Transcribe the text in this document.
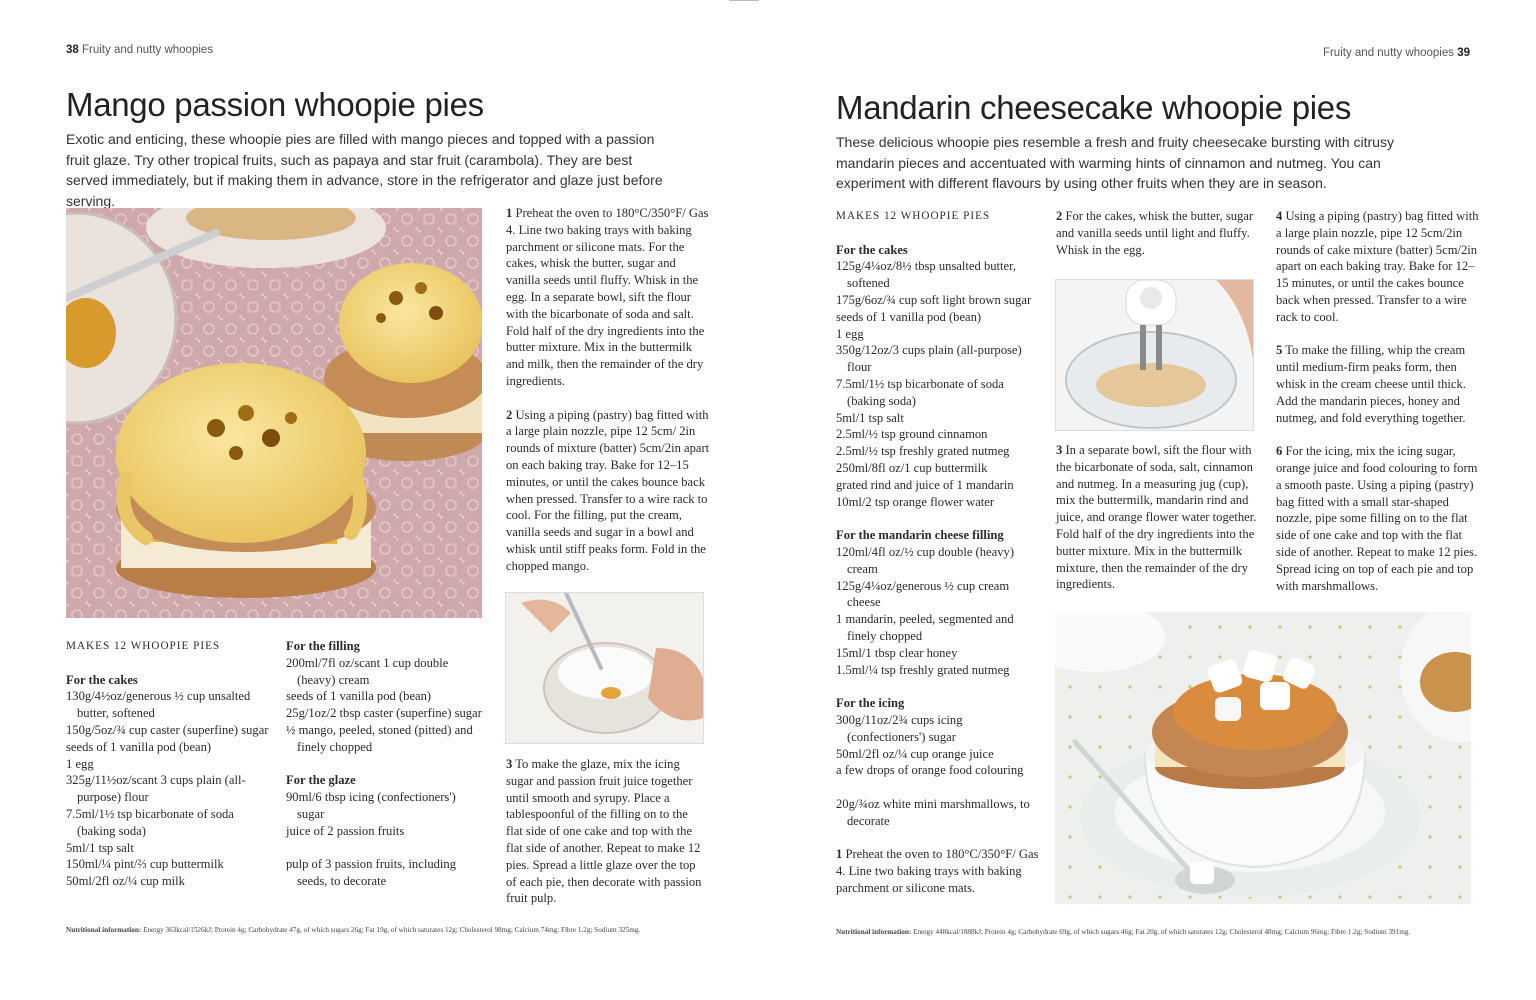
38 Fruity and nutty whoopies
Mango passion whoopie pies

Exotic and enticing, these whoopie pies are filled with mango pieces and topped with a passion fruit glaze. Try other tropical fruits, such as papaya and star fruit (carambola). They are best served immediately, but if making them in advance, store in the refrigerator and glaze just before serving.

1 Preheat the oven to 180°C/350°F/ Gas 4. Line two baking trays with baking parchment or silicone mats. For the cakes, whisk the butter, sugar and vanilla seeds until fluffy. Whisk in the egg. In a separate bowl, sift the flour with the bicarbonate of soda and salt. Fold half of the dry ingredients into the butter mixture. Mix in the buttermilk and milk, then the remainder of the dry ingredients.

2 Using a piping (pastry) bag fitted with a large plain nozzle, pipe 12 5cm/ 2in rounds of mixture (batter) 5cm/2in apart on each baking tray. Bake for 12–15 minutes, or until the cakes bounce back when pressed. Transfer to a wire rack to cool. For the filling, put the cream, vanilla seeds and sugar in a bowl and whisk until stiff peaks form. Fold in the chopped mango.

3 To make the glaze, mix the icing sugar and passion fruit juice together until smooth and syrupy. Place a tablespoonful of the filling on to the flat side of one cake and top with the flat side of another. Repeat to make 12 pies. Spread a little glaze over the top of each pie, then decorate with passion fruit pulp.

MAKES 12 WHOOPIE PIES
For the cakes
130g/4½oz/generous ½ cup unsalted butter, softened
150g/5oz/¾ cup caster (superfine) sugar
seeds of 1 vanilla pod (bean)
1 egg
325g/11½oz/scant 3 cups plain (all-purpose) flour
7.5ml/1½ tsp bicarbonate of soda (baking soda)
5ml/1 tsp salt
150ml/¼ pint/⅔ cup buttermilk
50ml/2fl oz/¼ cup milk
For the filling
200ml/7fl oz/scant 1 cup double (heavy) cream
seeds of 1 vanilla pod (bean)
25g/1oz/2 tbsp caster (superfine) sugar
½ mango, peeled, stoned (pitted) and finely chopped
For the glaze
90ml/6 tbsp icing (confectioners') sugar
juice of 2 passion fruits
pulp of 3 passion fruits, including seeds, to decorate
Nutritional information: Energy 363kcal/1526kJ; Protein 4g; Carbohydrate 47g, of which sugars 26g; Fat 19g, of which saturates 12g; Cholesterol 98mg; Calcium 74mg; Fibre 1.2g; Sodium 325mg.
Fruity and nutty whoopies 39
Mandarin cheesecake whoopie pies

These delicious whoopie pies resemble a fresh and fruity cheesecake bursting with citrusy mandarin pieces and accentuated with warming hints of cinnamon and nutmeg. You can experiment with different flavours by using other fruits when they are in season.

MAKES 12 WHOOPIE PIES
For the cakes
125g/4¼oz/8½ tbsp unsalted butter, softened
175g/6oz/¾ cup soft light brown sugar
seeds of 1 vanilla pod (bean)
1 egg
350g/12oz/3 cups plain (all-purpose) flour
7.5ml/1½ tsp bicarbonate of soda (baking soda)
5ml/1 tsp salt
2.5ml/½ tsp ground cinnamon
2.5ml/½ tsp freshly grated nutmeg
250ml/8fl oz/1 cup buttermilk
grated rind and juice of 1 mandarin
10ml/2 tsp orange flower water
For the mandarin cheese filling
120ml/4fl oz/½ cup double (heavy) cream
125g/4¼oz/generous ½ cup cream cheese
1 mandarin, peeled, segmented and finely chopped
15ml/1 tbsp clear honey
1.5ml/¼ tsp freshly grated nutmeg
For the icing
300g/11oz/2¾ cups icing (confectioners') sugar
50ml/2fl oz/¼ cup orange juice
a few drops of orange food colouring
20g/¾oz white mini marshmallows, to decorate

1 Preheat the oven to 180°C/350°F/ Gas 4. Line two baking trays with baking parchment or silicone mats.

2 For the cakes, whisk the butter, sugar and vanilla seeds until light and fluffy. Whisk in the egg.

3 In a separate bowl, sift the flour with the bicarbonate of soda, salt, cinnamon and nutmeg. In a measuring jug (cup), mix the buttermilk, mandarin rind and juice, and orange flower water together. Fold half of the dry ingredients into the butter mixture. Mix in the buttermilk mixture, then the remainder of the dry ingredients.

4 Using a piping (pastry) bag fitted with a large plain nozzle, pipe 12 5cm/2in rounds of cake mixture (batter) 5cm/2in apart on each baking tray. Bake for 12–15 minutes, or until the cakes bounce back when pressed. Transfer to a wire rack to cool.

5 To make the filling, whip the cream until medium-firm peaks form, then whisk in the cream cheese until thick. Add the mandarin pieces, honey and nutmeg, and fold everything together.

6 For the icing, mix the icing sugar, orange juice and food colouring to form a smooth paste. Using a piping (pastry) bag fitted with a small star-shaped nozzle, pipe some filling on to the flat side of one cake and top with the flat side of another. Repeat to make 12 pies. Spread icing on top of each pie and top with marshmallows.

Nutritional information: Energy 448kcal/1888kJ; Protein 4g; Carbohydrate 69g, of which sugars 46g; Fat 20g, of which saturates 12g; Cholesterol 48mg; Calcium 96mg; Fibre 1.2g; Sodium 391mg.
